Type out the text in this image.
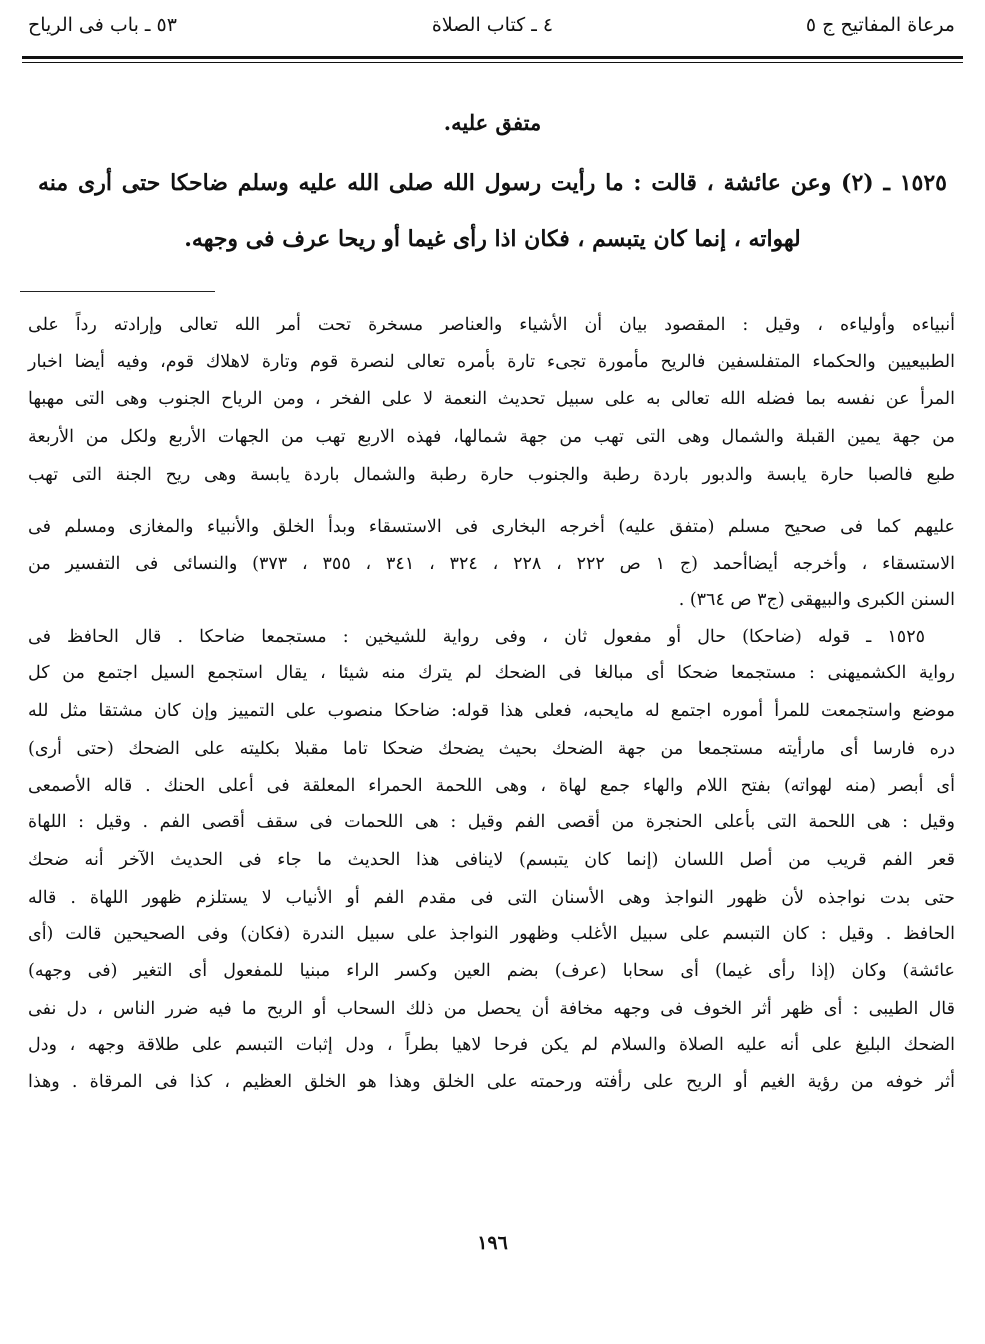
مرعاة المفاتيح ج ٥
٤ ـ كتاب الصلاة
٥٣ ـ باب فى الرياح
متفق عليه.
١٥٢٥ ـ (٢) وعن عائشة ، قالت : ما رأيت رسول الله صلى الله عليه وسلم ضاحكا حتى أرى منه
لهواته ، إنما كان يتبسم ، فكان اذا رأى غيما أو ريحا عرف فى وجهه.
أنبياءه وأولياءه ، وقيل : المقصود بيان أن الأشياء والعناصر مسخرة تحت أمر الله تعالى وإرادته رداً على
الطبيعيين والحكماء المتفلسفين فالريح مأمورة تجىء تارة بأمره تعالى لنصرة قوم وتارة لاهلاك قوم، وفيه أيضا اخبار
المرأ عن نفسه بما فضله الله تعالى به على سبيل تحديث النعمة لا على الفخر ، ومن الرياح الجنوب وهى التى مهبها
من جهة يمين القبلة والشمال وهى التى تهب من جهة شمالها، فهذه الاربع تهب من الجهات الأربع ولكل من الأربعة
طبع فالصبا حارة يابسة والدبور باردة رطبة والجنوب حارة رطبة والشمال باردة يابسة وهى ريح الجنة التى تهب
عليهم كما فى صحيح مسلم (متفق عليه) أخرجه البخارى فى الاستسقاء وبدأ الخلق والأنبياء والمغازى ومسلم فى
الاستسقاء ، وأخرجه أيضاأحمد (ج ١ ص ٢٢٢ ، ٢٢٨ ، ٣٢٤ ، ٣٤١ ، ٣٥٥ ، ٣٧٣) والنسائى فى التفسير من
السنن الكبرى والبيهقى (ج٣ ص ٣٦٤) .
١٥٢٥ ـ قوله (ضاحكا) حال أو مفعول ثان ، وفى رواية للشيخين : مستجمعا ضاحكا . قال الحافظ فى
رواية الكشميهنى : مستجمعا ضحكا أى مبالغا فى الضحك لم يترك منه شيئا ، يقال استجمع السيل اجتمع من كل
موضع واستجمعت للمرأ أموره اجتمع له مايحبه، فعلى هذا قوله: ضاحكا منصوب على التمييز وإن كان مشتقا مثل لله
دره فارسا أى مارأيته مستجمعا من جهة الضحك بحيث يضحك ضحكا تاما مقبلا بكليته على الضحك (حتى أرى)
أى أبصر (منه لهواته) بفتح اللام والهاء جمع لهاة ، وهى اللحمة الحمراء المعلقة فى أعلى الحنك . قاله الأصمعى
وقيل : هى اللحمة التى بأعلى الحنجرة من أقصى الفم وقيل : هى اللحمات فى سقف أقصى الفم . وقيل : اللهاة
قعر الفم قريب من أصل اللسان (إنما كان يتبسم) لاينافى هذا الحديث ما جاء فى الحديث الآخر أنه ضحك
حتى بدت نواجذه لأن ظهور النواجذ وهى الأسنان التى فى مقدم الفم أو الأنياب لا يستلزم ظهور اللهاة . قاله
الحافظ . وقيل : كان التبسم على سبيل الأغلب وظهور النواجذ على سبيل الندرة (فكان) وفى الصحيحين قالت (أى
عائشة) وكان (إذا رأى غيما) أى سحابا (عرف) بضم العين وكسر الراء مبنيا للمفعول أى التغير (فى وجهه)
قال الطيبى : أى ظهر أثر الخوف فى وجهه مخافة أن يحصل من ذلك السحاب أو الريح ما فيه ضرر الناس ، دل نفى
الضحك البليغ على أنه عليه الصلاة والسلام لم يكن فرحا لاهيا بطراً ، ودل إثبات التبسم على طلاقة وجهه ، ودل
أثر خوفه من رؤية الغيم أو الريح على رأفته ورحمته على الخلق وهذا هو الخلق العظيم ، كذا فى المرقاة . وهذا
١٩٦
